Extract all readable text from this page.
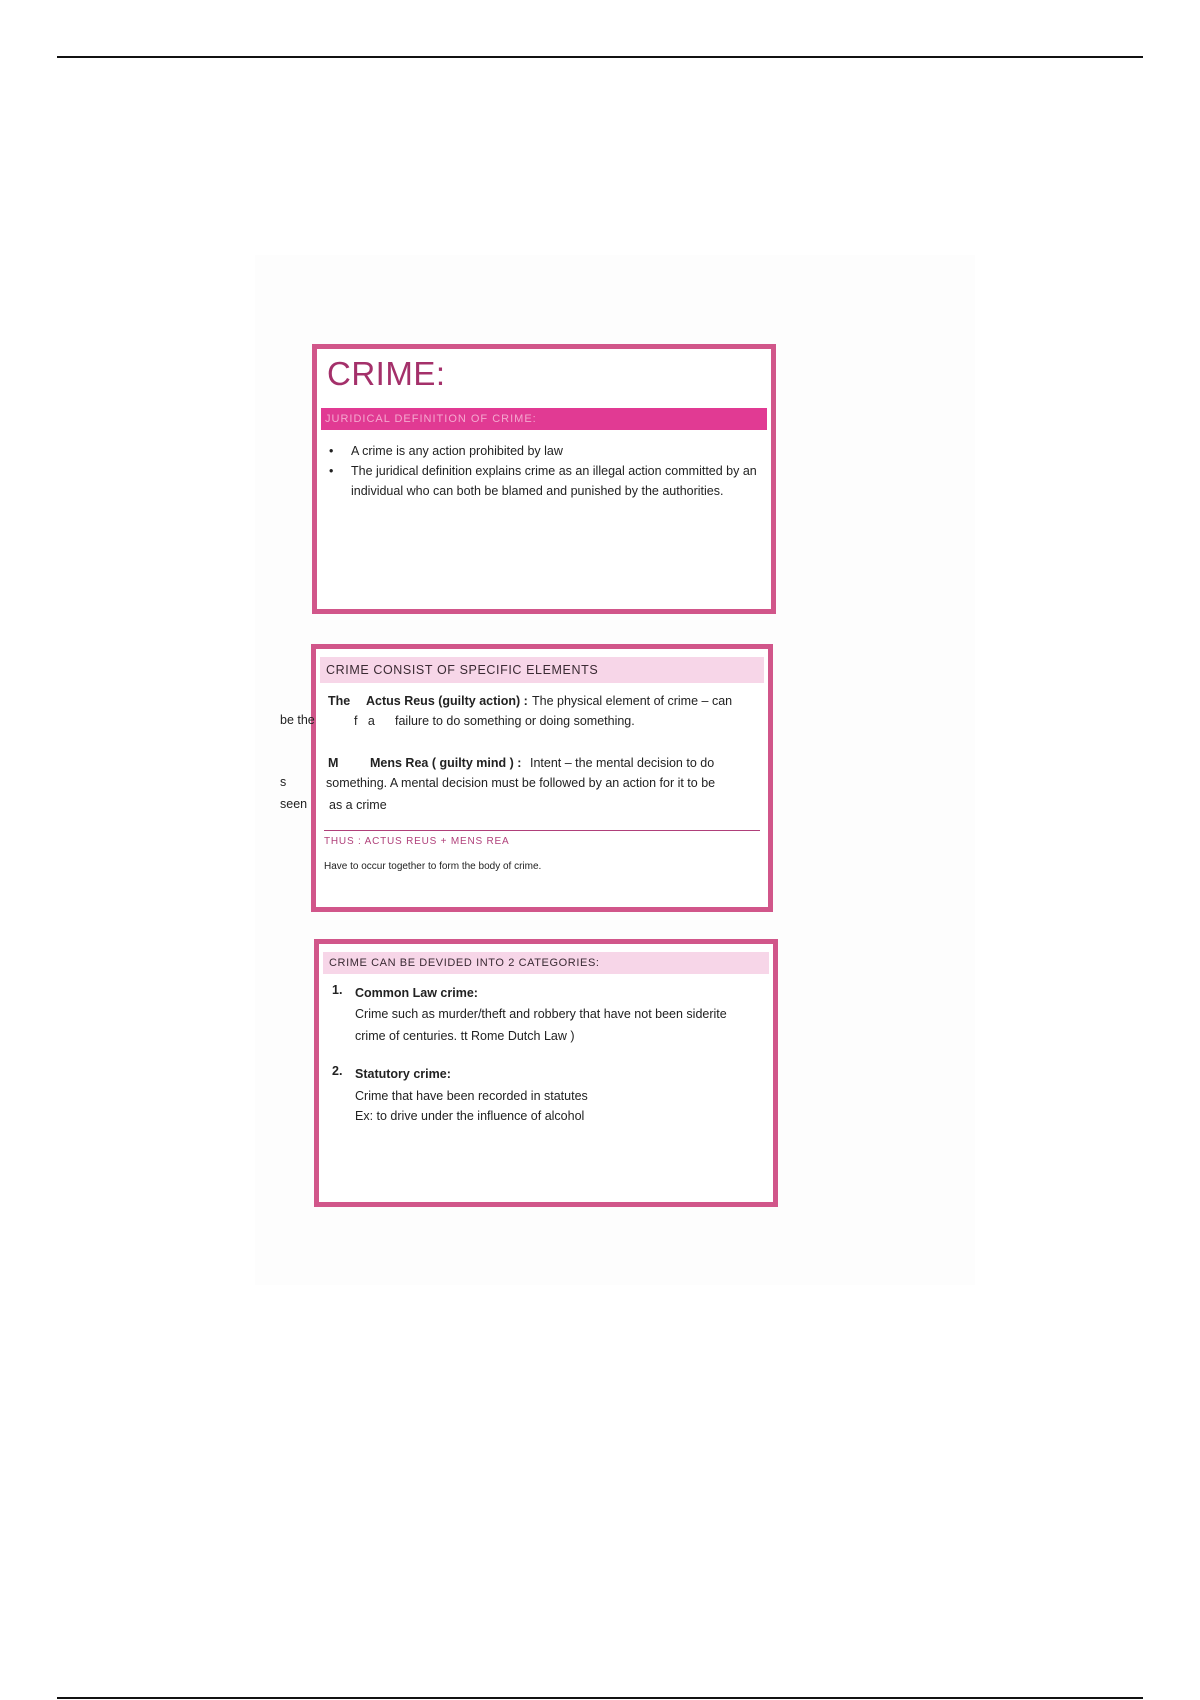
CRIME:
JURIDICAL DEFINITION OF CRIME:
• A crime is any action prohibited by law
• The juridical definition explains crime as an illegal action committed by an individual who can both be blamed and punished by the authorities.
CRIME CONSIST OF SPECIFIC ELEMENTS
The Actus Reus (guilty action) : The physical element of crime – can
f   a failure to do something or doing something.
M	Mens Rea ( guilty mind ) : Intent – the mental decision to do
something. A mental decision must be followed by an action for it to be
as a crime
THUS : ACTUS REUS + MENS REA
Have to occur together to form the body of crime.
be the
s
seen
CRIME CAN BE DEVIDED INTO 2 CATEGORIES:
1. Common Law crime:
Crime such as murder/theft and robbery that have not been siderite
crime of centuries. tt Rome Dutch Law )
2. Statutory crime:
Crime that have been recorded in statutes
Ex: to drive under the influence of alcohol
